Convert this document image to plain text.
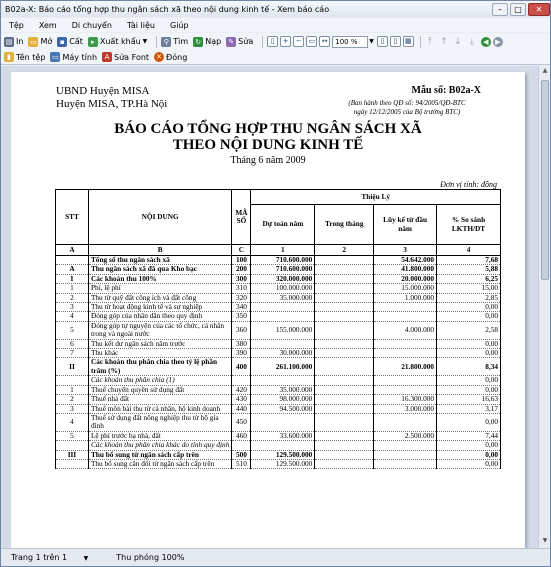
B02a-X: Báo cáo tổng hợp thu ngân sách xã theo nội dung kinh tế - Xem báo cáo	–	□	✕
Tệp Xem Di chuyển Tài liệu Giúp
▤ In ▭ Mở	▪ Cất	▸ Xuất khẩu ▼	⚲ Tìm ↻ Nạp ✎ Sửa	▯	+	− ▭ ↔	100 %	▼ ▯	▯	▦	⤒ ↑ ↓ ⤓	◀ ▶
▮ Tên tệp ▭ Máy tính	A Sửa Font ✕ Đóng
UBND Huyện MISA
Huyện MISA, TP.Hà Nội
Mẫu số: B02a-X
(Ban hành theo QĐ số: 94/2005/QĐ-BTC
ngày 12/12/2005 của Bộ trưởng BTC)
BÁO CÁO TỔNG HỢP THU NGÂN SÁCH XÃ
THEO NỘI DUNG KINH TẾ
Tháng 6 năm 2009
Đơn vị tính: đồng
STT	NỘI DUNG	MÃ SỐ	Thiệu Lý			
			Dự toán năm	Trong tháng	Lũy kế từ đầu năm	% So sánh LKTH/DT
A	B	C	1	2	3	4
	Tổng số thu ngân sách xã	100	710.600.000		54.642.000	7,68
A	Thu ngân sách xã đã qua Kho bạc	200	710.600.000		41.800.000	5,88
I	Các khoản thu 100%	300	320.000.000		20.000.000	6,25
1	Phí, lệ phí	310	100.000.000		15.000.000	15,00
2	Thu từ quỹ đất công ích và đất công	320	35.000.000		1.000.000	2,85
3	Thu từ hoạt động kinh tế và sự nghiệp	340				0,00
4	Đóng góp của nhân dân theo quy định	350				0,00
5	Đóng góp tự nguyện của các tổ chức, cá nhân trong và ngoài nước	360	155.000.000		4.000.000	2,58
6	Thu kết dư ngân sách năm trước	380				0,00
7	Thu khác	390	30.000.000			0,00
II	Các khoản thu phân chia theo tỷ lệ phần trăm (%)	400	261.100.000		21.800.000	8,34
	Các khoản thu phân chia (1)					0,00
1	Thuế chuyển quyền sử dụng đất	420	35.000.000			0,00
2	Thuế nhà đất	430	98.000.000		16.300.000	16,63
3	Thuế môn bài thu từ cá nhân, hộ kinh doanh	440	94.500.000		3.000.000	3,17
4	Thuế sử dụng đất nông nghiệp thu từ hộ gia đình	450				0,00
5	Lệ phí trước bạ nhà, đất	460	33.600.000		2.500.000	7,44
	Các khoản thu phân chia khác do tỉnh quy định					0,00
III	Thu bổ sung từ ngân sách cấp trên	500	129.500.000			0,00
	Thu bổ sung cân đối từ ngân sách cấp trên	510	129.500.000			0,00
▲
▼
Trang 1 trên 1	▼	Thu phóng 100%
